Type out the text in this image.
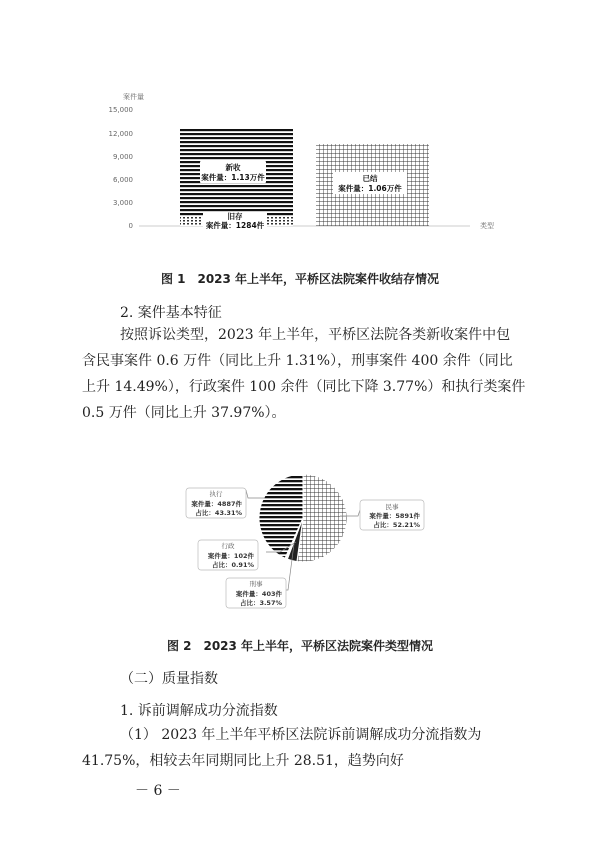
案件量
15,000
12,000
9,000
6,000
3,000
0	类型
新收
案件量：1.13万件
旧存
案件量：1284件
已结
案件量：1.06万件
图 1　2023 年上半年，平桥区法院案件收结存情况
2. 案件基本特征
按照诉讼类型，2023 年上半年，平桥区法院各类新收案件中包
含民事案件 0.6 万件（同比上升 1.31%），刑事案件 400 余件（同比
上升 14.49%），行政案件 100 余件（同比下降 3.77%）和执行类案件
0.5 万件（同比上升 37.97%）。
执行
案件量：4887件
占比：43.31%
民事
案件量：5891件
占比：52.21%
行政
案件量：102件
占比：0.91%
刑事
案件量：403件
占比：3.57%
图 2　2023 年上半年，平桥区法院案件类型情况
（二）质量指数
1. 诉前调解成功分流指数
（1） 2023 年上半年平桥区法院诉前调解成功分流指数为
41.75%，相较去年同期同比上升 28.51，趋势向好
－ 6 －
